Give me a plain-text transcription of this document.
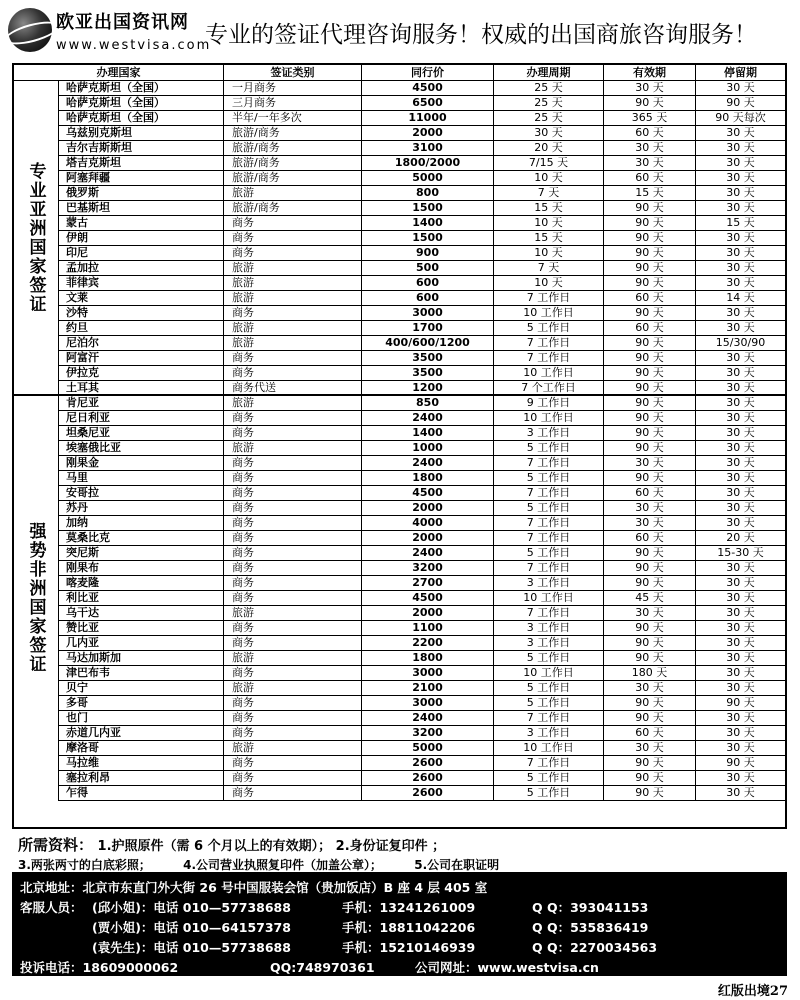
欧亚出国资讯网
www.westvisa.com
专业的签证代理咨询服务！权威的出国商旅咨询服务！
办理国家	签证类别	同行价	办理周期	有效期	停留期
哈萨克斯坦（全国）	一月商务	4500	25 天	30 天	30 天
哈萨克斯坦（全国）	三月商务	6500	25 天	90 天	90 天
哈萨克斯坦（全国）	半年/一年多次	11000	25 天	365 天	90 天每次
乌兹别克斯坦	旅游/商务	2000	30 天	60 天	30 天
吉尔吉斯斯坦	旅游/商务	3100	20 天	30 天	30 天
塔吉克斯坦	旅游/商务	1800/2000	7/15 天	30 天	30 天
阿塞拜疆	旅游/商务	5000	10 天	60 天	30 天
俄罗斯	旅游	800	7 天	15 天	30 天
巴基斯坦	旅游/商务	1500	15 天	90 天	30 天
蒙古	商务	1400	10 天	90 天	15 天
伊朗	商务	1500	15 天	90 天	30 天
印尼	商务	900	10 天	90 天	30 天
孟加拉	旅游	500	7 天	90 天	30 天
菲律宾	旅游	600	10 天	90 天	30 天
文莱	旅游	600	7 工作日	60 天	14 天
沙特	商务	3000	10 工作日	90 天	30 天
约旦	旅游	1700	5 工作日	60 天	30 天
尼泊尔	旅游	400/600/1200	7 工作日	90 天	15/30/90
阿富汗	商务	3500	7 工作日	90 天	30 天
伊拉克	商务	3500	10 工作日	90 天	30 天
土耳其	商务代送	1200	7 个工作日	90 天	30 天
肯尼亚	旅游	850	9 工作日	90 天	30 天
尼日利亚	商务	2400	10 工作日	90 天	30 天
坦桑尼亚	商务	1400	3 工作日	90 天	30 天
埃塞俄比亚	旅游	1000	5 工作日	90 天	30 天
刚果金	商务	2400	7 工作日	30 天	30 天
马里	商务	1800	5 工作日	90 天	30 天
安哥拉	商务	4500	7 工作日	60 天	30 天
苏丹	商务	2000	5 工作日	30 天	30 天
加纳	商务	4000	7 工作日	30 天	30 天
莫桑比克	商务	2000	7 工作日	60 天	20 天
突尼斯	商务	2400	5 工作日	90 天	15-30 天
刚果布	商务	3200	7 工作日	90 天	30 天
喀麦隆	商务	2700	3 工作日	90 天	30 天
利比亚	商务	4500	10 工作日	45 天	30 天
乌干达	旅游	2000	7 工作日	30 天	30 天
赞比亚	商务	1100	3 工作日	90 天	30 天
几内亚	商务	2200	3 工作日	90 天	30 天
马达加斯加	旅游	1800	5 工作日	90 天	30 天
津巴布韦	商务	3000	10 工作日	180 天	30 天
贝宁	旅游	2100	5 工作日	30 天	30 天
多哥	商务	3000	5 工作日	90 天	90 天
也门	商务	2400	7 工作日	90 天	30 天
赤道几内亚	商务	3200	3 工作日	60 天	30 天
摩洛哥	旅游	5000	10 工作日	30 天	30 天
马拉维	商务	2600	7 工作日	90 天	90 天
塞拉利昂	商务	2600	5 工作日	90 天	30 天
乍得	商务	2600	5 工作日	90 天	30 天
专业亚洲国家签证
强势非洲国家签证
所需资料： 1.护照原件（需 6 个月以上的有效期）； 2.身份证复印件 ；
3.两张两寸的白底彩照；	4.公司营业执照复印件（加盖公章）；	5.公司在职证明
北京地址：北京市东直门外大街 26 号中国服装会馆（贵加饭店）B 座 4 层 405 室
客服人员： (邱小姐)：电话 010—57738688	手机：13241261009	Q Q：393041153
(贾小姐)：电话 010—64157378	手机：18811042206	Q Q：535836419
(袁先生)：电话 010—57738688	手机：15210146939	Q Q：2270034563
投诉电话：18609000062	QQ:748970361	公司网址：www.westvisa.cn
红版出境27
